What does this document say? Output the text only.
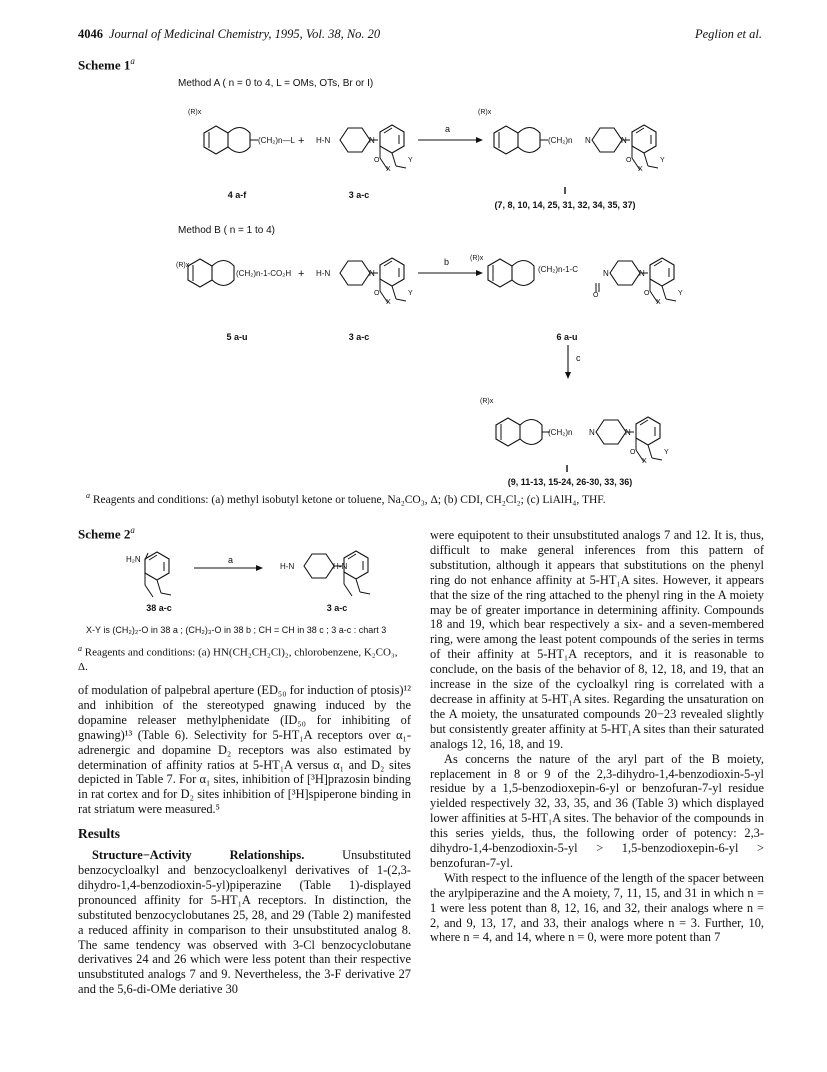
4046 Journal of Medicinal Chemistry, 1995, Vol. 38, No. 20	Peglion et al.
Scheme 1$^a$
Method A ( n = 0 to 4, L = OMs, OTs, Br or I)
Method B ( n = 1 to 4)
(R)x
(CH₂)n—L + H-N	N
O
X
Y
a
(R)x
(CH₂)n N	N
O
X
Y
4 a-f	3 a-c	I
(7, 8, 10, 14, 25, 31, 32, 34, 35, 37)
(R)x
(CH₂)n-1-CO₂H + H-N	N
O
X
Y
b	(R)x
(CH₂)n-1-C
O
N	N
O
X
Y
5 a-u	3 a-c	6 a-u
c
(R)x
(CH₂)n N	N
O
X
Y
I
(9, 11-13, 15-24, 26-30, 33, 36)
$^a$ Reagents and conditions: (a) methyl isobutyl ketone or toluene, Na₂CO₃, Δ; (b) CDI, CH₂Cl₂; (c) LiAlH₄, THF.
Scheme 2$^a$
H₂N	a
H-N	H-N
38 a-c	3 a-c
X-Y is (CH₂)₂-O in 38 a ; (CH₂)₃-O in 38 b ; CH = CH in 38 c ; 3 a-c : chart 3
$^a$ Reagents and conditions: (a) HN(CH₂CH₂Cl)₂, chlorobenzene, K₂CO₃, Δ.

of modulation of palpebral aperture (ED₅₀ for induction of ptosis)¹² and inhibition of the stereotyped gnawing induced by the dopamine releaser methylphenidate (ID₅₀ for inhibiting of gnawing)¹³ (Table 6). Selectivity for 5-HT₁A receptors over α₁-adrenergic and dopamine D₂ receptors was also estimated by determination of affinity ratios at 5-HT₁A versus α₁ and D₂ sites depicted in Table 7. For α₁ sites, inhibition of [³H]prazosin binding in rat cortex and for D₂ sites inhibition of [³H]spiperone binding in rat striatum were measured.⁵

Results

Structure−Activity Relationships.	Unsubstituted benzocycloalkyl and benzocycloalkenyl derivatives of 1-(2,3-dihydro-1,4-benzodioxin-5-yl)piperazine (Table 1)-displayed pronounced affinity for 5-HT₁A receptors. In distinction, the substituted benzocyclobutanes 25, 28, and 29 (Table 2) manifested a reduced affinity in comparison to their unsubstituted analog 8. The same tendency was observed with 3-Cl benzocyclobutane derivatives 24 and 26 which were less potent than their respective unsubstituted analogs 7 and 9. Nevertheless, the 3-F derivative 27 and the 5,6-di-OMe deriative 30

were equipotent to their unsubstituted analogs 7 and 12. It is, thus, difficult to make general inferences from this pattern of substitution, although it appears that substitutions on the phenyl ring do not enhance affinity at 5-HT₁A sites. However, it appears that the size of the ring attached to the phenyl ring in the A moiety may be of greater importance in determining affinity. Compounds 18 and 19, which bear respectively a six- and a seven-membered ring, were among the least potent compounds of the series in terms of their affinity at 5-HT₁A receptors, and it is reasonable to conclude, on the basis of the behavior of 8, 12, 18, and 19, that an increase in the size of the cycloalkyl ring is correlated with a decrease in affinity at 5-HT₁A sites. Regarding the unsaturation on the A moiety, the unsaturated compounds 20−23 revealed slightly but consistently greater affinity at 5-HT₁A sites than their saturated analogs 12, 16, 18, and 19.

As concerns the nature of the aryl part of the B moiety, replacement in 8 or 9 of the 2,3-dihydro-1,4-benzodioxin-5-yl residue by a 1,5-benzodioxepin-6-yl or benzofuran-7-yl residue yielded respectively 32, 33, 35, and 36 (Table 3) which displayed lower affinities at 5-HT₁A sites. The behavior of the compounds in this series yields, thus, the following order of potency: 2,3-dihydro-1,4-benzodioxin-5-yl > 1,5-benzodioxepin-6-yl > benzofuran-7-yl.

With respect to the influence of the length of the spacer between the arylpiperazine and the A moiety, 7, 11, 15, and 31 in which n = 1 were less potent than 8, 12, 16, and 32, their analogs where n = 2, and 9, 13, 17, and 33, their analogs where n = 3. Further, 10, where n = 4, and 14, where n = 0, were more potent than 7
